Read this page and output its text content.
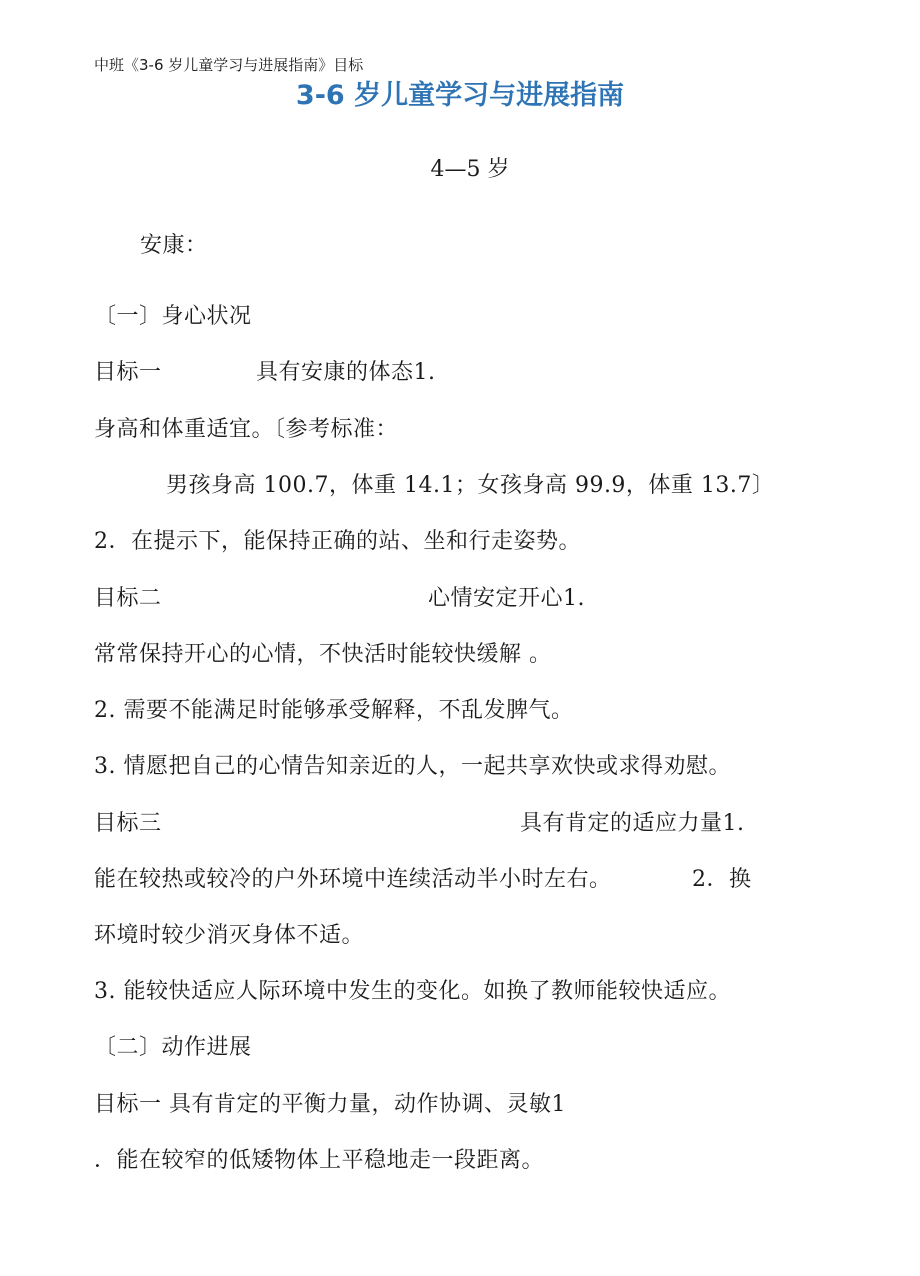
中班《3-6 岁儿童学习与进展指南》目标
3-6 岁儿童学习与进展指南
4—5 岁
安康：
〔一〕身心状况
目标一	具有安康的体态1.
身高和体重适宜。〔参考标准：
男孩身高 100.7，体重 14.1；女孩身高 99.9，体重 13.7〕
2．在提示下，能保持正确的站、坐和行走姿势。
目标二	心情安定开心1.
常常保持开心的心情，不快活时能较快缓解 。
2. 需要不能满足时能够承受解释，不乱发脾气。
3. 情愿把自己的心情告知亲近的人，一起共享欢快或求得劝慰。
目标三	具有肯定的适应力量1.
能在较热或较冷的户外环境中连续活动半小时左右。	2．换
环境时较少消灭身体不适。
3. 能较快适应人际环境中发生的变化。如换了教师能较快适应。
〔二〕动作进展
目标一 具有肯定的平衡力量，动作协调、灵敏1
．能在较窄的低矮物体上平稳地走一段距离。
